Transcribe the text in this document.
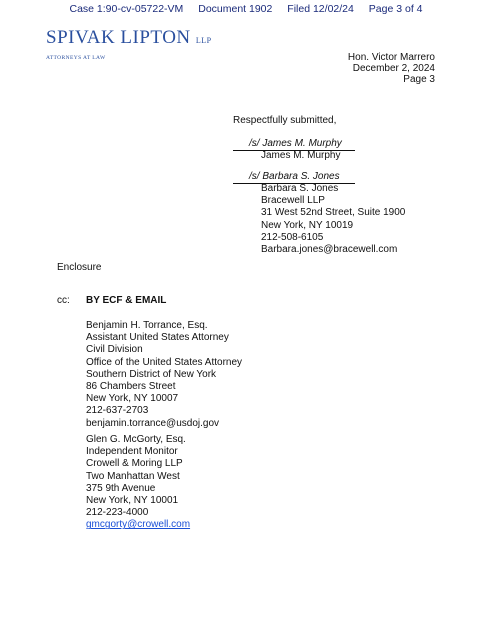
Case 1:90-cv-05722-VM Document 1902 Filed 12/02/24 Page 3 of 4
SPIVAK LIPTON LLP
ATTORNEYS AT LAW	Hon. Victor Marrero
December 2, 2024
Page 3
Respectfully submitted,
/s/ James M. Murphy
James M. Murphy
/s/ Barbara S. Jones
Barbara S. Jones
Bracewell LLP
31 West 52nd Street, Suite 1900
New York, NY 10019
212-508-6105
Barbara.jones@bracewell.com
Enclosure
cc: BY ECF & EMAIL
Benjamin H. Torrance, Esq.
Assistant United States Attorney
Civil Division
Office of the United States Attorney
Southern District of New York
86 Chambers Street
New York, NY 10007
212-637-2703
benjamin.torrance@usdoj.gov
Glen G. McGorty, Esq.
Independent Monitor
Crowell & Moring LLP
Two Manhattan West
375 9th Avenue
New York, NY 10001
212-223-4000
gmcgorty@crowell.com
